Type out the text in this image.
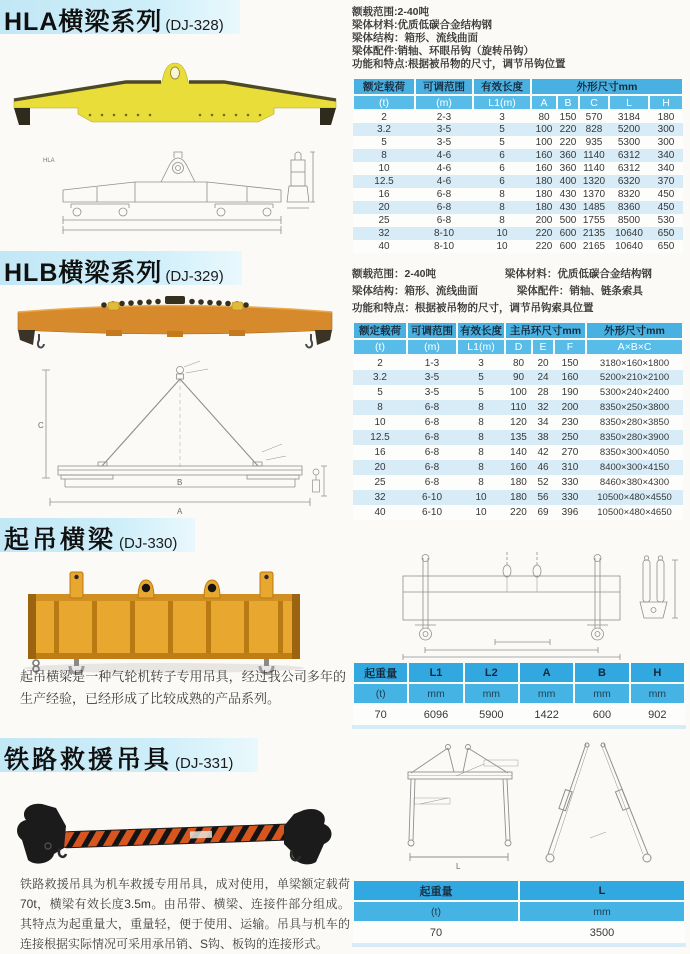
HLA横梁系列 (DJ-328)
额载范围:2-40吨
梁体材料:优质低碳合金结构钢
梁体结构：箱形、流线曲面
梁体配件:销轴、环眼吊钩（旋转吊钩）
功能和特点:根据被吊物的尺寸，调节吊钩位置
HLA
额定载荷	可调范围	有效长度	外形尺寸mm				
(t)	(m)	L1(m)	A	B	C	L	H
2	2-3	3	80	150	570	3184	180
3.2	3-5	5	100	220	828	5200	300
5	3-5	5	100	220	935	5300	300
8	4-6	6	160	360	1140	6312	340
10	4-6	6	160	360	1140	6312	340
12.5	4-6	6	180	400	1320	6320	370
16	6-8	8	180	430	1370	8320	450
20	6-8	8	180	430	1485	8360	450
25	6-8	8	200	500	1755	8500	530
32	8-10	10	220	600	2135	10640	650
40	8-10	10	220	600	2165	10640	650
HLB横梁系列 (DJ-329)	额载范围：2-40吨	梁体材料：优质低碳合金结构钢
梁体结构：箱形、流线曲面	梁体配件：销轴、链条索具
功能和特点：根据被吊物的尺寸，调节吊钩索具位置
C
B
A
额定载荷	可调范围	有效长度	主吊环尺寸mm			外形尺寸mm
(t)	(m)	L1(m)	D	E	F	A×B×C
2	1-3	3	80	20	150	3180×160×1800
3.2	3-5	5	90	24	160	5200×210×2100
5	3-5	5	100	28	190	5300×240×2400
8	6-8	8	110	32	200	8350×250×3800
10	6-8	8	120	34	230	8350×280×3850
12.5	6-8	8	135	38	250	8350×280×3900
16	6-8	8	140	42	270	8350×300×4050
20	6-8	8	160	46	310	8400×300×4150
25	6-8	8	180	52	330	8460×380×4300
32	6-10	10	180	56	330	10500×480×4550
40	6-10	10	220	69	396	10500×480×4650
起吊横梁 (DJ-330)

起吊横梁是一种气轮机转子专用吊具，经过我公司多年的生产经验，已经形成了比较成熟的产品系列。

起重量	L1	L2	A	B	H
(t)	mm	mm	mm	mm	mm
70	6096	5900	1422	600	902
铁路救援吊具 (DJ-331)
L

铁路救援吊具为机车救援专用吊具，成对使用，单梁额定载荷70t，横梁有效长度3.5m。由吊带、横梁、连接件部分组成。其特点为起重量大，重量轻，便于使用、运输。吊具与机车的连接根据实际情况可采用承吊销、S钩、板钩的连接形式。

起重量	L
(t)	mm
70	3500
